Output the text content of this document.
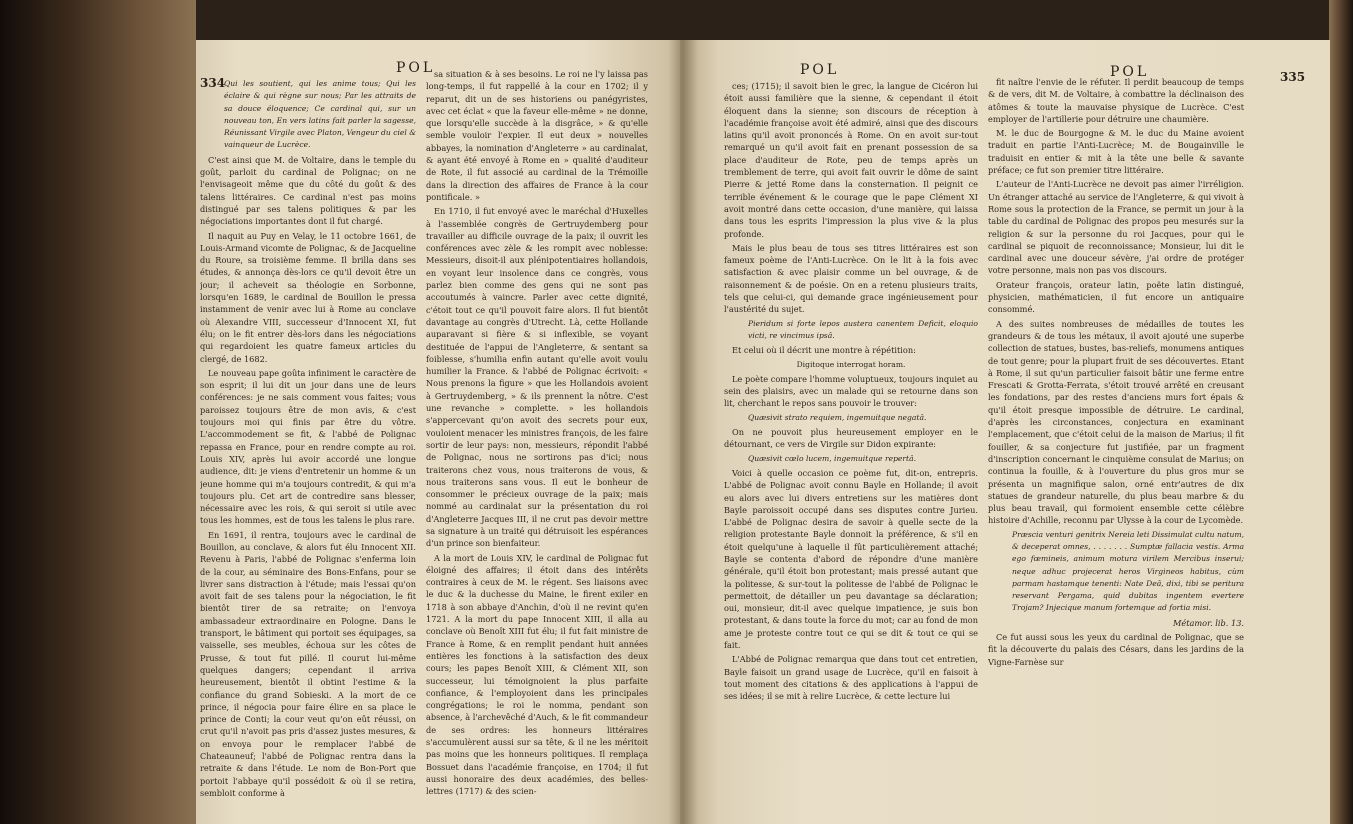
334
POL

Qui les soutient, qui les anime tous; Qui les éclaire & qui règne sur nous; Par les attraits de sa douce éloquence; Ce cardinal qui, sur un nouveau ton, En vers latins fait parler la sagesse, Réunissant Virgile avec Platon, Vengeur du ciel & vainqueur de Lucrèce.

C'est ainsi que M. de Voltaire, dans le temple du goût, parloit du cardinal de Polignac; on ne l'envisageoit même que du côté du goût & des talens littéraires. Ce cardinal n'est pas moins distingué par ses talens politiques & par les négociations importantes dont il fut chargé.

Il naquit au Puy en Velay, le 11 octobre 1661, de Louis-Armand vicomte de Polignac, & de Jacqueline du Roure, sa troisième femme. Il brilla dans ses études, & annonça dès-lors ce qu'il devoit être un jour; il acheveit sa théologie en Sorbonne, lorsqu'en 1689, le cardinal de Bouillon le pressa instamment de venir avec lui à Rome au conclave où Alexandre VIII, successeur d'Innocent XI, fut élu; on le fit entrer dès-lors dans les négociations qui regardoient les quatre fameux articles du clergé, de 1682.

Le nouveau pape goûta infiniment le caractère de son esprit; il lui dit un jour dans une de leurs conférences: je ne sais comment vous faites; vous paroissez toujours être de mon avis, & c'est toujours moi qui finis par être du vôtre. L'accommodement se fit, & l'abbé de Polignac repassa en France, pour en rendre compte au roi. Louis XIV, après lui avoir accordé une longue audience, dit: je viens d'entretenir un homme & un jeune homme qui m'a toujours contredit, & qui m'a toujours plu. Cet art de contredire sans blesser, nécessaire avec les rois, & qui seroit si utile avec tous les hommes, est de tous les talens le plus rare.

En 1691, il rentra, toujours avec le cardinal de Bouillon, au conclave, & alors fut élu Innocent XII. Revenu à Paris, l'abbé de Polignac s'enferma loin de la cour, au séminaire des Bons-Enfans, pour se livrer sans distraction à l'étude; mais l'essai qu'on avoit fait de ses talens pour la négociation, le fit bientôt tirer de sa retraite; on l'envoya ambassadeur extraordinaire en Pologne. Dans le transport, le bâtiment qui portoit ses équipages, sa vaisselle, ses meubles, échoua sur les côtes de Prusse, & tout fut pillé. Il courut lui-même quelques dangers; cependant il arriva heureusement, bientôt il obtint l'estime & la confiance du grand Sobieski. A la mort de ce prince, il négocia pour faire élire en sa place le prince de Conti; la cour veut qu'on eût réussi, on crut qu'il n'avoit pas pris d'assez justes mesures, & on envoya pour le remplacer l'abbé de Chateauneuf; l'abbé de Polignac rentra dans la retraite & dans l'étude. Le nom de Bon-Port que portoit l'abbaye qu'il possédoit & où il se retira, sembloit conforme à

sa situation & à ses besoins. Le roi ne l'y laissa pas long-temps, il fut rappellé à la cour en 1702; il y reparut, dit un de ses historiens ou panégyristes, avec cet éclat « que la faveur elle-même » ne donne, que lorsqu'elle succède à la disgrâce, » & qu'elle semble vouloir l'expier. Il eut deux » nouvelles abbayes, la nomination d'Angleterre » au cardinalat, & ayant été envoyé à Rome en » qualité d'auditeur de Rote, il fut associé au cardinal de la Trémoille dans la direction des affaires de France à la cour pontificale. »

En 1710, il fut envoyé avec le maréchal d'Huxelles à l'assemblée congrès de Gertruydemberg pour travailler au difficile ouvrage de la paix; il ouvrit les conférences avec zèle & les rompit avec noblesse: Messieurs, disoit-il aux plénipotentiaires hollandois, en voyant leur insolence dans ce congrès, vous parlez bien comme des gens qui ne sont pas accoutumés à vaincre. Parler avec cette dignité, c'étoit tout ce qu'il pouvoit faire alors. Il fut bientôt davantage au congrès d'Utrecht. Là, cette Hollande auparavant si fière & si inflexible, se voyant destituée de l'appui de l'Angleterre, & sentant sa foiblesse, s'humilia enfin autant qu'elle avoit voulu humilier la France. & l'abbé de Polignac écrivoit: « Nous prenons la figure » que les Hollandois avoient à Gertruydemberg, » & ils prennent la nôtre. C'est une revanche » complette. » les hollandois s'appercevant qu'on avoit des secrets pour eux, vouloient menacer les ministres françois, de les faire sortir de leur pays: non, messieurs, répondit l'abbé de Polignac, nous ne sortirons pas d'ici; nous traiterons chez vous, nous traiterons de vous, & nous traiterons sans vous. Il eut le bonheur de consommer le précieux ouvrage de la paix; mais nommé au cardinalat sur la présentation du roi d'Angleterre Jacques III, il ne crut pas devoir mettre sa signature à un traité qui détruisoit les espérances d'un prince son bienfaiteur.

A la mort de Louis XIV, le cardinal de Polignac fut éloigné des affaires; il étoit dans des intérêts contraires à ceux de M. le régent. Ses liaisons avec le duc & la duchesse du Maine, le firent exiler en 1718 à son abbaye d'Anchin, d'où il ne revint qu'en 1721. A la mort du pape Innocent XIII, il alla au conclave où Benoît XIII fut élu; il fut fait ministre de France à Rome, & en remplit pendant huit années entières les fonctions à la satisfaction des deux cours; les papes Benoît XIII, & Clément XII, son successeur, lui témoignoient la plus parfaite confiance, & l'employoient dans les principales congrégations; le roi le nomma, pendant son absence, à l'archevêché d'Auch, & le fit commandeur de ses ordres: les honneurs littéraires s'accumulèrent aussi sur sa tête, & il ne les méritoit pas moins que les honneurs politiques. Il remplaça Bossuet dans l'académie françoise, en 1704; il fut aussi honoraire des deux académies, des belles-lettres (1717) & des scien-

POL	POL	335

ces; (1715); il savoit bien le grec, la langue de Cicéron lui étoit aussi familière que la sienne, & cependant il étoit éloquent dans la sienne; son discours de réception à l'académie françoise avoit été admiré, ainsi que des discours latins qu'il avoit prononcés à Rome. On en avoit sur-tout remarqué un qu'il avoit fait en prenant possession de sa place d'auditeur de Rote, peu de temps après un tremblement de terre, qui avoit fait ouvrir le dôme de saint Pierre & jetté Rome dans la consternation. Il peignit ce terrible événement & le courage que le pape Clément XI avoit montré dans cette occasion, d'une manière, qui laissa dans tous les esprits l'impression la plus vive & la plus profonde.

Mais le plus beau de tous ses titres littéraires est son fameux poème de l'Anti-Lucrèce. On le lit à la fois avec satisfaction & avec plaisir comme un bel ouvrage, & de raisonnement & de poésie. On en a retenu plusieurs traits, tels que celui-ci, qui demande grace ingénieusement pour l'austérité du sujet.

Pieridum si forte lepos austera canentem Deficit, eloquio victi, re vincimus ipsâ.

Et celui où il décrit une montre à répétition:

Digitoque interrogat horam.

Le poète compare l'homme voluptueux, toujours inquiet au sein des plaisirs, avec un malade qui se retourne dans son lit, cherchant le repos sans pouvoir le trouver:

Quæsivit strato requiem, ingemuitque negatâ.

On ne pouvoit plus heureusement employer en le détournant, ce vers de Virgile sur Didon expirante:

Quæsivit cœlo lucem, ingemuitque repertâ.

Voici à quelle occasion ce poème fut, dit-on, entrepris. L'abbé de Polignac avoit connu Bayle en Hollande; il avoit eu alors avec lui divers entretiens sur les matières dont Bayle paroissoit occupé dans ses disputes contre Jurieu. L'abbé de Polignac desira de savoir à quelle secte de la religion protestante Bayle donnoit la préférence, & s'il en étoit quelqu'une à laquelle il fût particulièrement attaché; Bayle se contenta d'abord de répondre d'une manière générale, qu'il étoit bon protestant; mais pressé autant que la politesse, & sur-tout la politesse de l'abbé de Polignac le permettoit, de détailler un peu davantage sa déclaration; oui, monsieur, dit-il avec quelque impatience, je suis bon protestant, & dans toute la force du mot; car au fond de mon ame je proteste contre tout ce qui se dit & tout ce qui se fait.

L'Abbé de Polignac remarqua que dans tout cet entretien, Bayle faisoit un grand usage de Lucrèce, qu'il en faisoit à tout moment des citations & des applications à l'appui de ses idées; il se mit à relire Lucrèce, & cette lecture lui

fit naître l'envie de le réfuter. Il perdit beaucoup de temps & de vers, dit M. de Voltaire, à combattre la déclinaison des atômes & toute la mauvaise physique de Lucrèce. C'est employer de l'artillerie pour détruire une chaumière.

M. le duc de Bourgogne & M. le duc du Maine avoient traduit en partie l'Anti-Lucrèce; M. de Bougainville le traduisit en entier & mit à la tête une belle & savante préface; ce fut son premier titre littéraire.

L'auteur de l'Anti-Lucrèce ne devoit pas aimer l'irréligion. Un étranger attaché au service de l'Angleterre, & qui vivoit à Rome sous la protection de la France, se permit un jour à la table du cardinal de Polignac des propos peu mesurés sur la religion & sur la personne du roi Jacques, pour qui le cardinal se piquoit de reconnoissance; Monsieur, lui dit le cardinal avec une douceur sévère, j'ai ordre de protéger votre personne, mais non pas vos discours.

Orateur françois, orateur latin, poëte latin distingué, physicien, mathématicien, il fut encore un antiquaire consommé.

A des suites nombreuses de médailles de toutes les grandeurs & de tous les métaux, il avoit ajouté une superbe collection de statues, bustes, bas-reliefs, monumens antiques de tout genre; pour la plupart fruit de ses découvertes. Etant à Rome, il sut qu'un particulier faisoit bâtir une ferme entre Frescati & Grotta-Ferrata, s'étoit trouvé arrêté en creusant les fondations, par des restes d'anciens murs fort épais & qu'il étoit presque impossible de détruire. Le cardinal, d'après les circonstances, conjectura en examinant l'emplacement, que c'étoit celui de la maison de Marius; il fit fouiller, & sa conjecture fut justifiée, par un fragment d'inscription concernant le cinquième consulat de Marius; on continua la fouille, & à l'ouverture du plus gros mur se présenta un magnifique salon, orné entr'autres de dix statues de grandeur naturelle, du plus beau marbre & du plus beau travail, qui formoient ensemble cette célèbre histoire d'Achille, reconnu par Ulysse à la cour de Lycomède.

Præscia venturi genitrix Nereia leti Dissimulat cultu natum, & deceperat omnes, . . . . . . . Sumptæ fallacia vestis. Arma ego fœmineis, animum motura virilem Mercibus inserui; neque adhuc projecerat heros Virgineos habitus, cùm parmam hastamque tenenti: Nate Deâ, dixi, tibi se peritura reservant Pergama, quid dubitas ingentem evertere Trojam? Injecique manum fortemque ad fortia misi.

Métamor. lib. 13.

Ce fut aussi sous les yeux du cardinal de Polignac, que se fit la découverte du palais des Césars, dans les jardins de la Vigne-Farnèse sur
